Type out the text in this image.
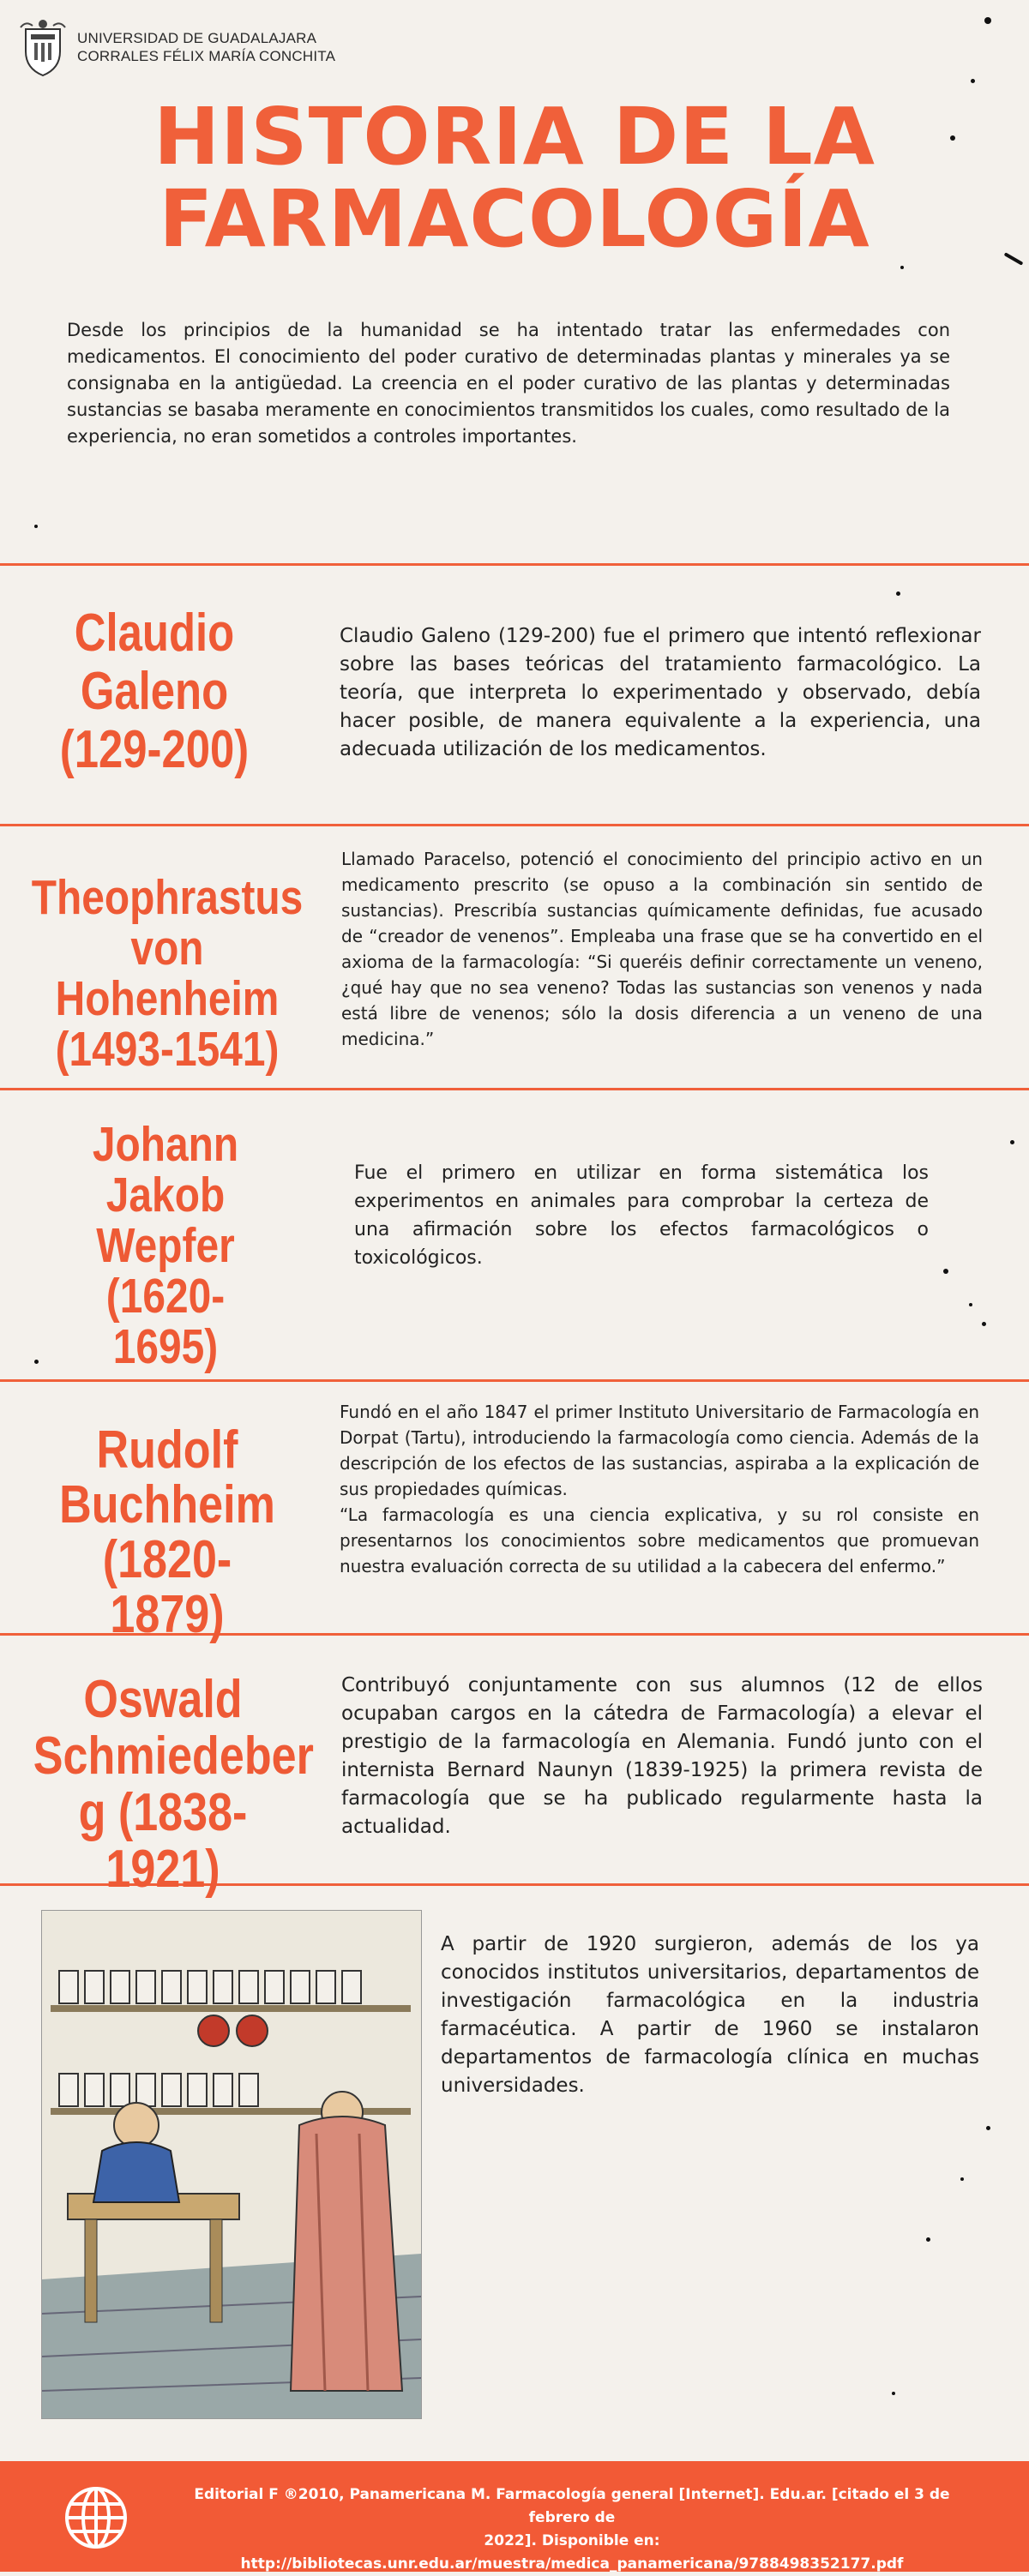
UNIVERSIDAD DE GUADALAJARA
CORRALES FÉLIX MARÍA CONCHITA
HISTORIA DE LA
FARMACOLOGÍA
Desde los principios de la humanidad se ha intentado tratar las enfermedades con medicamentos. El conocimiento del poder curativo de determinadas plantas y minerales ya se consignaba en la antigüedad. La creencia en el poder curativo de las plantas y determinadas sustancias se basaba meramente en conocimientos transmitidos los cuales, como resultado de la experiencia, no eran sometidos a controles importantes.
Claudio
Galeno
(129-200)
Claudio Galeno (129-200) fue el primero que intentó reflexionar sobre las bases teóricas del tratamiento farmacológico. La teoría, que interpreta lo experimentado y observado, debía hacer posible, de manera equivalente a la experiencia, una adecuada utilización de los medicamentos.
Theophrastus
von Hohenheim
(1493-1541)
Llamado Paracelso, potenció el conocimiento del principio activo en un medicamento prescrito (se opuso a la combinación sin sentido de sustancias). Prescribía sustancias químicamente definidas, fue acusado de “creador de venenos”. Empleaba una frase que se ha convertido en el axioma de la farmacología: “Si queréis definir correctamente un veneno, ¿qué hay que no sea veneno? Todas las sustancias son venenos y nada está libre de venenos; sólo la dosis diferencia a un veneno de una medicina.”
Johann Jakob
Wepfer (1620-
1695)
Fue el primero en utilizar en forma sistemática los experimentos en animales para comprobar la certeza de una afirmación sobre los efectos farmacológicos o toxicológicos.
Rudolf
Buchheim
(1820-1879)
Fundó en el año 1847 el primer Instituto Universitario de Farmacología en Dorpat (Tartu), introduciendo la farmacología como ciencia. Además de la descripción de los efectos de las sustancias, aspiraba a la explicación de sus propiedades químicas.
“La farmacología es una ciencia explicativa, y su rol consiste en presentarnos los conocimientos sobre medicamentos que promuevan nuestra evaluación correcta de su utilidad a la cabecera del enfermo.”
Oswald
Schmiedeber
g (1838-1921)
Contribuyó conjuntamente con sus alumnos (12 de ellos ocupaban cargos en la cátedra de Farmacología) a elevar el prestigio de la farmacología en Alemania. Fundó junto con el internista Bernard Naunyn (1839-1925) la primera revista de farmacología que se ha publicado regularmente hasta la actualidad.
A partir de 1920 surgieron, además de los ya conocidos institutos universitarios, departamentos de investigación farmacológica en la industria farmacéutica. A partir de 1960 se instalaron departamentos de farmacología clínica en muchas universidades.
Editorial F ®2010, Panamericana M. Farmacología general [Internet]. Edu.ar. [citado el 3 de febrero de
2022]. Disponible en: http://bibliotecas.unr.edu.ar/muestra/medica_panamericana/9788498352177.pdf
